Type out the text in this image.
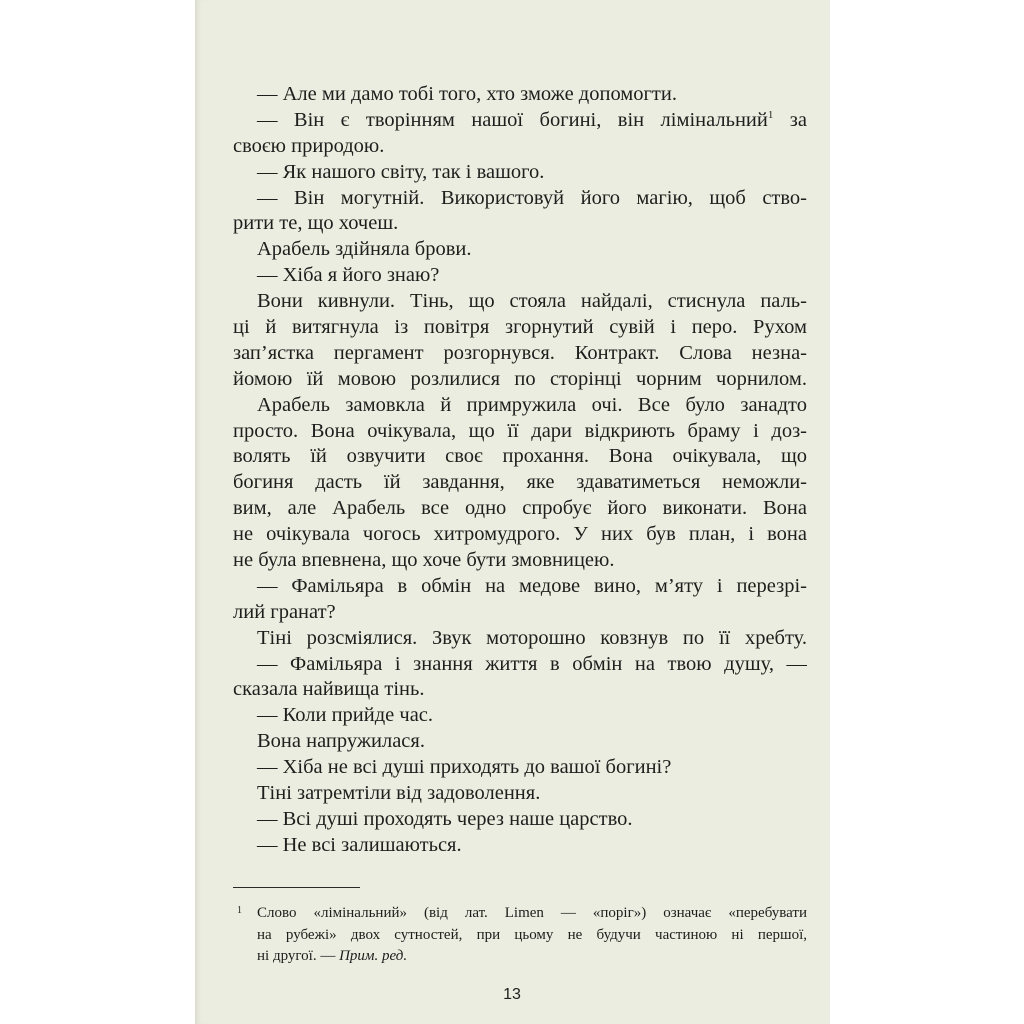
— Але ми дамо тобі того, хто зможе допомогти.
— Він є творінням нашої богині, він лімінальний$^1$ за
своєю природою.
— Як нашого світу, так і вашого.
— Він могутній. Використовуй його магію, щоб ство-
рити те, що хочеш.
Арабель здійняла брови.
— Хіба я його знаю?
Вони кивнули. Тінь, що стояла найдалі, стиснула паль-
ці й витягнула із повітря згорнутий сувій і перо. Рухом
зап’ястка пергамент розгорнувся. Контракт. Слова незна-
йомою їй мовою розлилися по сторінці чорним чорнилом.
Арабель замовкла й примружила очі. Все було занадто
просто. Вона очікувала, що її дари відкриють браму і доз-
волять їй озвучити своє прохання. Вона очікувала, що
богиня дасть їй завдання, яке здаватиметься неможли-
вим, але Арабель все одно спробує його виконати. Вона
не очікувала чогось хитромудрого. У них був план, і вона
не була впевнена, що хоче бути змовницею.
— Фамільяра в обмін на медове вино, м’яту і перезрі-
лий гранат?
Тіні розсміялися. Звук моторошно ковзнув по її хребту.
— Фамільяра і знання життя в обмін на твою душу, —
сказала найвища тінь.
— Коли прийде час.
Вона напружилася.
— Хіба не всі душі приходять до вашої богині?
Тіні затремтіли від задоволення.
— Всі душі проходять через наше царство.
— Не всі залишаються.
1	Слово «лімінальний» (від лат. Limen — «поріг») означає «перебувати
на рубежі» двох сутностей, при цьому не будучи частиною ні першої,
ні другої. — Прим. ред.
13
